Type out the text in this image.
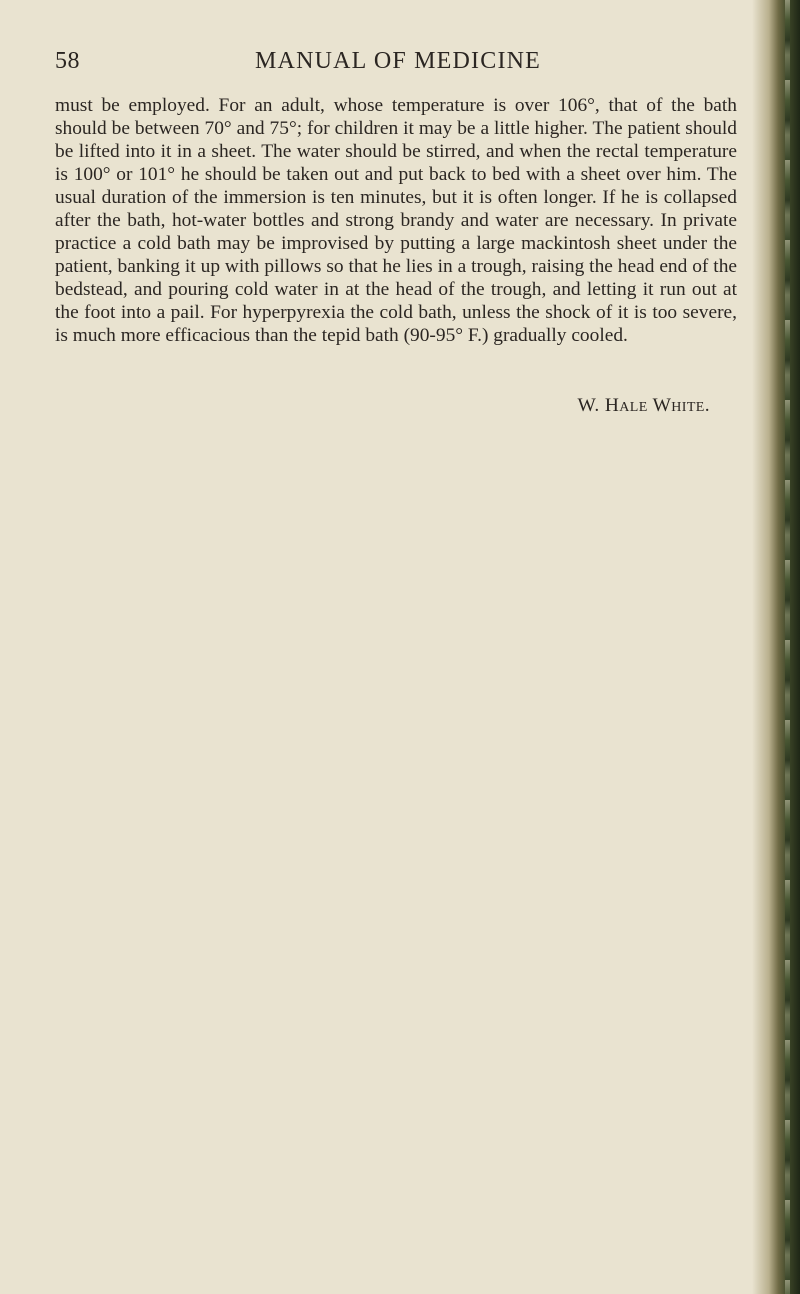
58	MANUAL OF MEDICINE

must be employed. For an adult, whose temperature is over 106°, that of the bath should be between 70° and 75°; for children it may be a little higher. The patient should be lifted into it in a sheet. The water should be stirred, and when the rectal temperature is 100° or 101° he should be taken out and put back to bed with a sheet over him. The usual duration of the immersion is ten minutes, but it is often longer. If he is collapsed after the bath, hot-water bottles and strong brandy and water are necessary. In private practice a cold bath may be improvised by putting a large mackintosh sheet under the patient, banking it up with pillows so that he lies in a trough, raising the head end of the bedstead, and pouring cold water in at the head of the trough, and letting it run out at the foot into a pail. For hyperpyrexia the cold bath, unless the shock of it is too severe, is much more efficacious than the tepid bath (90-95° F.) gradually cooled.

W. Hale White.
